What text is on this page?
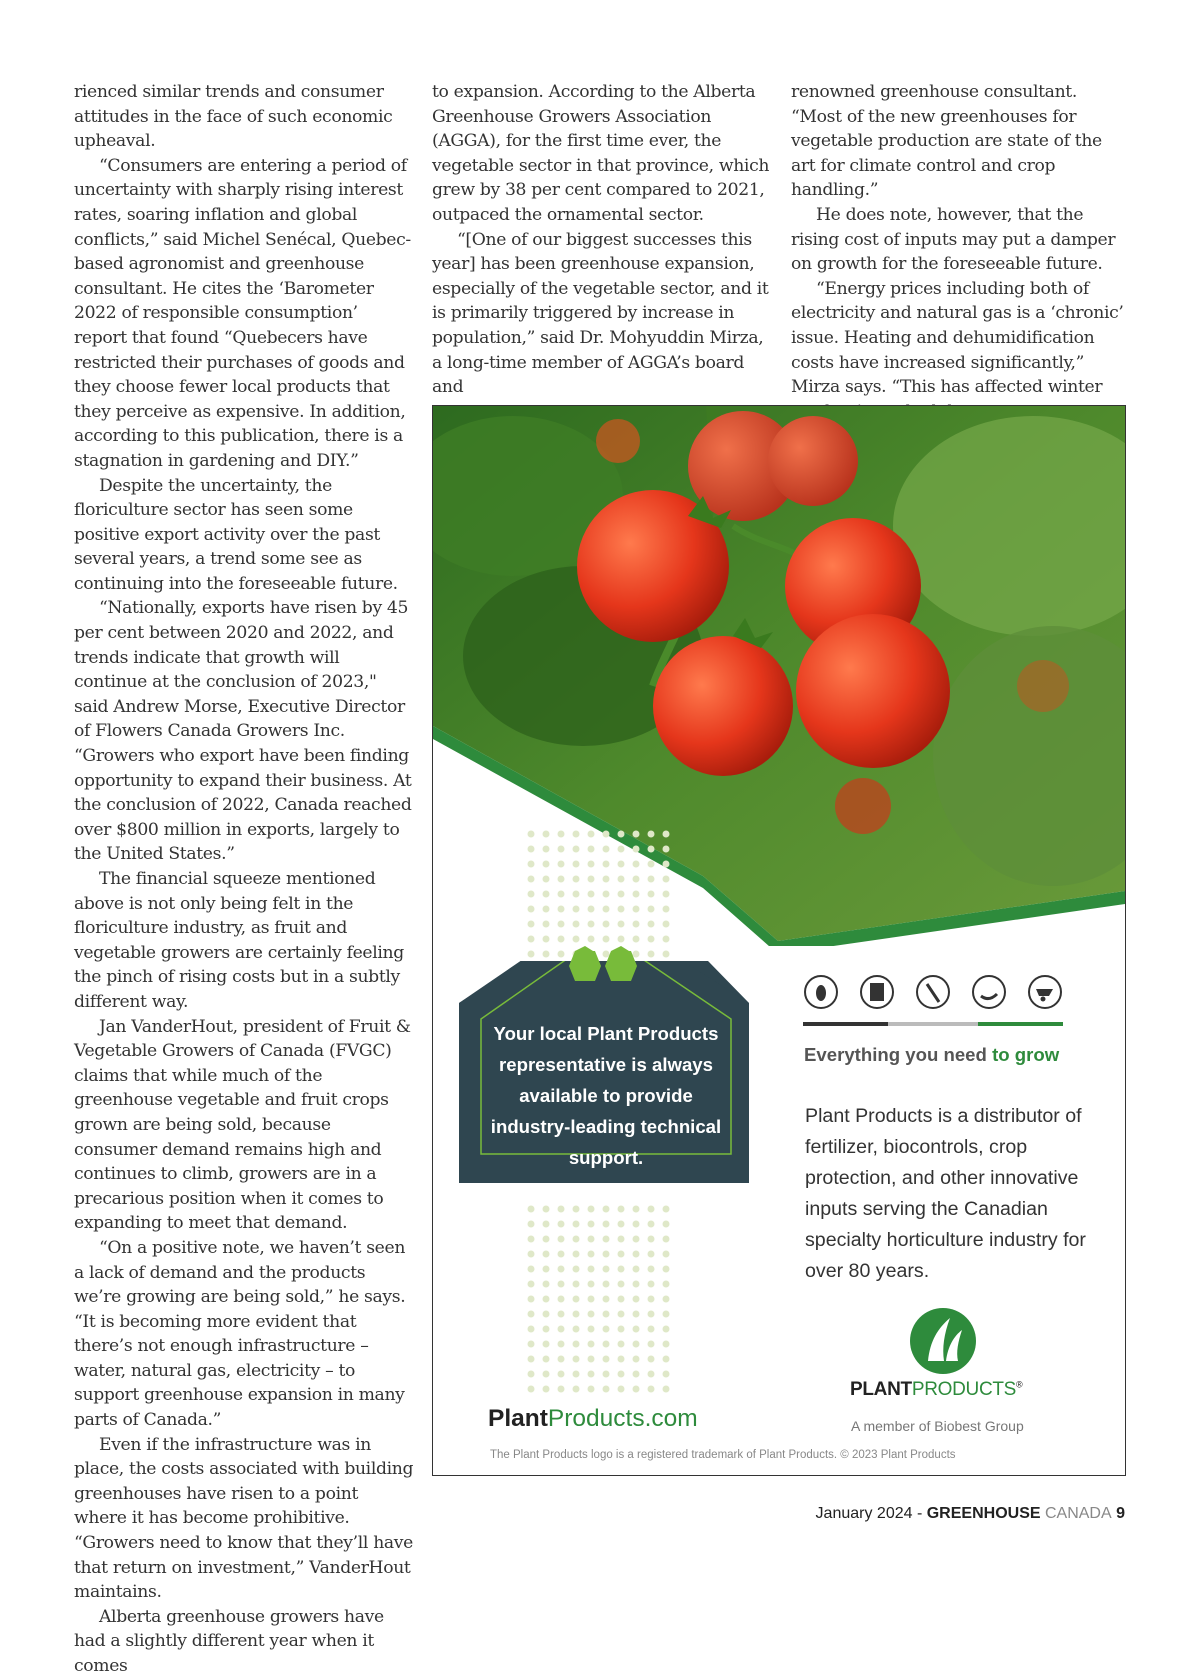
rienced similar trends and consumer attitudes in the face of such economic upheaval.

“Consumers are entering a period of uncertainty with sharply rising interest rates, soaring inflation and global conflicts,” said Michel Senécal, Quebec-based agronomist and greenhouse consultant. He cites the ‘Barometer 2022 of responsible consumption’ report that found “Quebecers have restricted their purchases of goods and they choose fewer local products that they perceive as expensive. In addition, according to this publication, there is a stagnation in gardening and DIY.”

Despite the uncertainty, the floriculture sector has seen some positive export activity over the past several years, a trend some see as continuing into the foreseeable future.

“Nationally, exports have risen by 45 per cent between 2020 and 2022, and trends indicate that growth will continue at the conclusion of 2023," said Andrew Morse, Executive Director of Flowers Canada Growers Inc. “Growers who export have been finding opportunity to expand their business. At the conclusion of 2022, Canada reached over $800 million in exports, largely to the United States.”

The financial squeeze mentioned above is not only being felt in the floriculture industry, as fruit and vegetable growers are certainly feeling the pinch of rising costs but in a subtly different way.

Jan VanderHout, president of Fruit & Vegetable Growers of Canada (FVGC) claims that while much of the greenhouse vegetable and fruit crops grown are being sold, because consumer demand remains high and continues to climb, growers are in a precarious position when it comes to expanding to meet that demand.

“On a positive note, we haven’t seen a lack of demand and the products we’re growing are being sold,” he says. “It is becoming more evident that there’s not enough infrastructure – water, natural gas, electricity – to support greenhouse expansion in many parts of Canada.”

Even if the infrastructure was in place, the costs associated with building greenhouses have risen to a point where it has become prohibitive. “Growers need to know that they’ll have that return on investment,” VanderHout maintains.

Alberta greenhouse growers have had a slightly different year when it comes

to expansion. According to the Alberta Greenhouse Growers Association (AGGA), for the first time ever, the vegetable sector in that province, which grew by 38 per cent compared to 2021, outpaced the ornamental sector.

“[One of our biggest successes this year] has been greenhouse expansion, especially of the vegetable sector, and it is primarily triggered by increase in population,” said Dr. Mohyuddin Mirza, a long-time member of AGGA’s board and

renowned greenhouse consultant. “Most of the new greenhouses for vegetable production are state of the art for climate control and crop handling.”

He does note, however, that the rising cost of inputs may put a damper on growth for the foreseeable future.

“Energy prices including both of electricity and natural gas is a ‘chronic’ issue. Heating and dehumidification costs have increased significantly,” Mirza says. “This has affected winter

Your local Plant Products representative is always available to provide industry-leading technical support.
Everything you need to grow
Plant Products is a distributor of fertilizer, biocontrols, crop protection, and other innovative inputs serving the Canadian specialty horticulture industry for over 80 years.
PLANTPRODUCTS®
A member of Biobest Group
PlantProducts.com
The Plant Products logo is a registered trademark of Plant Products. © 2023 Plant Products
January 2024 - GREENHOUSE CANADA 9
